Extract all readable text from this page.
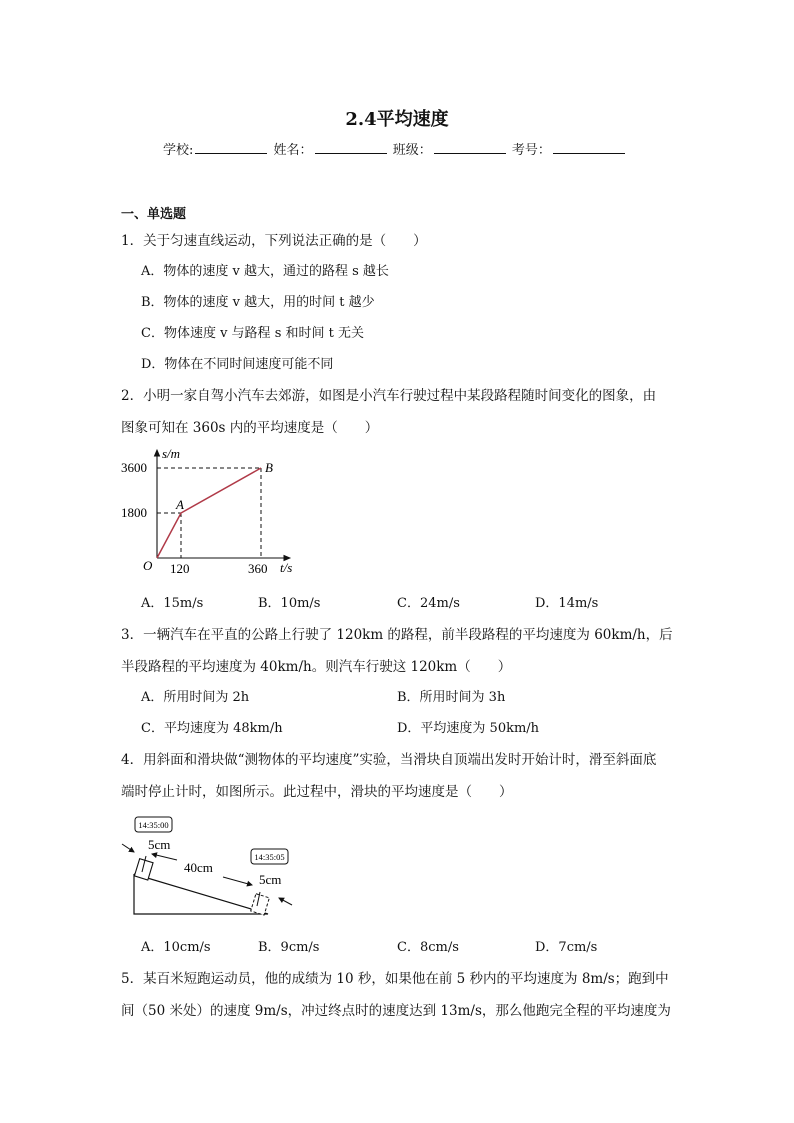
2.4平均速度
学校:	姓名：	班级：	考号：
一、单选题
1．关于匀速直线运动，下列说法正确的是（　　）
A．物体的速度 v 越大，通过的路程 s 越长
B．物体的速度 v 越大，用的时间 t 越少
C．物体速度 v 与路程 s 和时间 t 无关
D．物体在不同时间速度可能不同
2．小明一家自驾小汽车去郊游，如图是小汽车行驶过程中某段路程随时间变化的图象，由
图象可知在 360s 内的平均速度是（　　）
s/m
t/s
O
A
B
3600
1800
120	360
A．15m/s	B．10m/s	C．24m/s	D．14m/s
3．一辆汽车在平直的公路上行驶了 120km 的路程，前半段路程的平均速度为 60km/h，后
半段路程的平均速度为 40km/h。则汽车行驶这 120km（　　）
A．所用时间为 2h	B．所用时间为 3h
C．平均速度为 48km/h	D．平均速度为 50km/h
4．用斜面和滑块做“测物体的平均速度”实验，当滑块自顶端出发时开始计时，滑至斜面底
端时停止计时，如图所示。此过程中，滑块的平均速度是（　　）
14:35:00
14:35:05
5cm
40cm
5cm
A．10cm/s	B．9cm/s	C．8cm/s	D．7cm/s
5．某百米短跑运动员，他的成绩为 10 秒，如果他在前 5 秒内的平均速度为 8m/s；跑到中
间（50 米处）的速度 9m/s，冲过终点时的速度达到 13m/s，那么他跑完全程的平均速度为
